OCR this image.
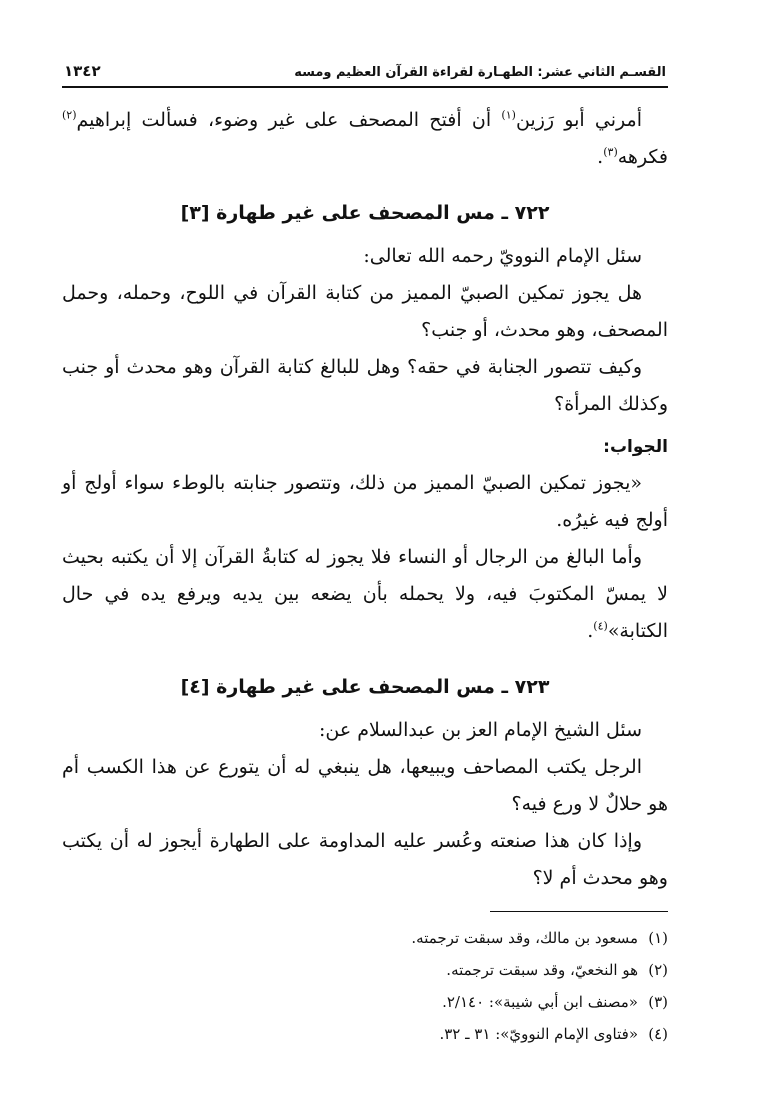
القسـم الثاني عشر: الطهـارة لقراءة القرآن العظيم ومسه
١٣٤٢

أمرني أبو رَزين$^{(١)}$ أن أفتح المصحف على غير وضوء، فسألت إبراهيم$^{(٢)}$ فكرهه$^{(٣)}$.

٧٢٢ ـ مس المصحف على غير طهارة [٣]

سئل الإمام النوويّ رحمه الله تعالى:

هل يجوز تمكين الصبيّ المميز من كتابة القرآن في اللوح، وحمله، وحمل المصحف، وهو محدث، أو جنب؟

وكيف تتصور الجنابة في حقه؟ وهل للبالغ كتابة القرآن وهو محدث أو جنب وكذلك المرأة؟

الجواب:

«يجوز تمكين الصبيّ المميز من ذلك، وتتصور جنابته بالوطء سواء أولج أو أولج فيه غيرُه.

وأما البالغ من الرجال أو النساء فلا يجوز له كتابةُ القرآن إلا أن يكتبه بحيث لا يمسّ المكتوبَ فيه، ولا يحمله بأن يضعه بين يديه ويرفع يده في حال الكتابة»$^{(٤)}$.

٧٢٣ ـ مس المصحف على غير طهارة [٤]

سئل الشيخ الإمام العز بن عبدالسلام عن:

الرجل يكتب المصاحف ويبيعها، هل ينبغي له أن يتورع عن هذا الكسب أم هو حلالٌ لا ورع فيه؟

وإذا كان هذا صنعته وعُسر عليه المداومة على الطهارة أيجوز له أن يكتب وهو محدث أم لا؟

(١)مسعود بن مالك، وقد سبقت ترجمته.

(٢)هو النخعيّ، وقد سبقت ترجمته.

(٣)«مصنف ابن أبي شيبة»: ٢/١٤٠.

(٤)«فتاوى الإمام النوويّ»: ٣١ ـ ٣٢.
